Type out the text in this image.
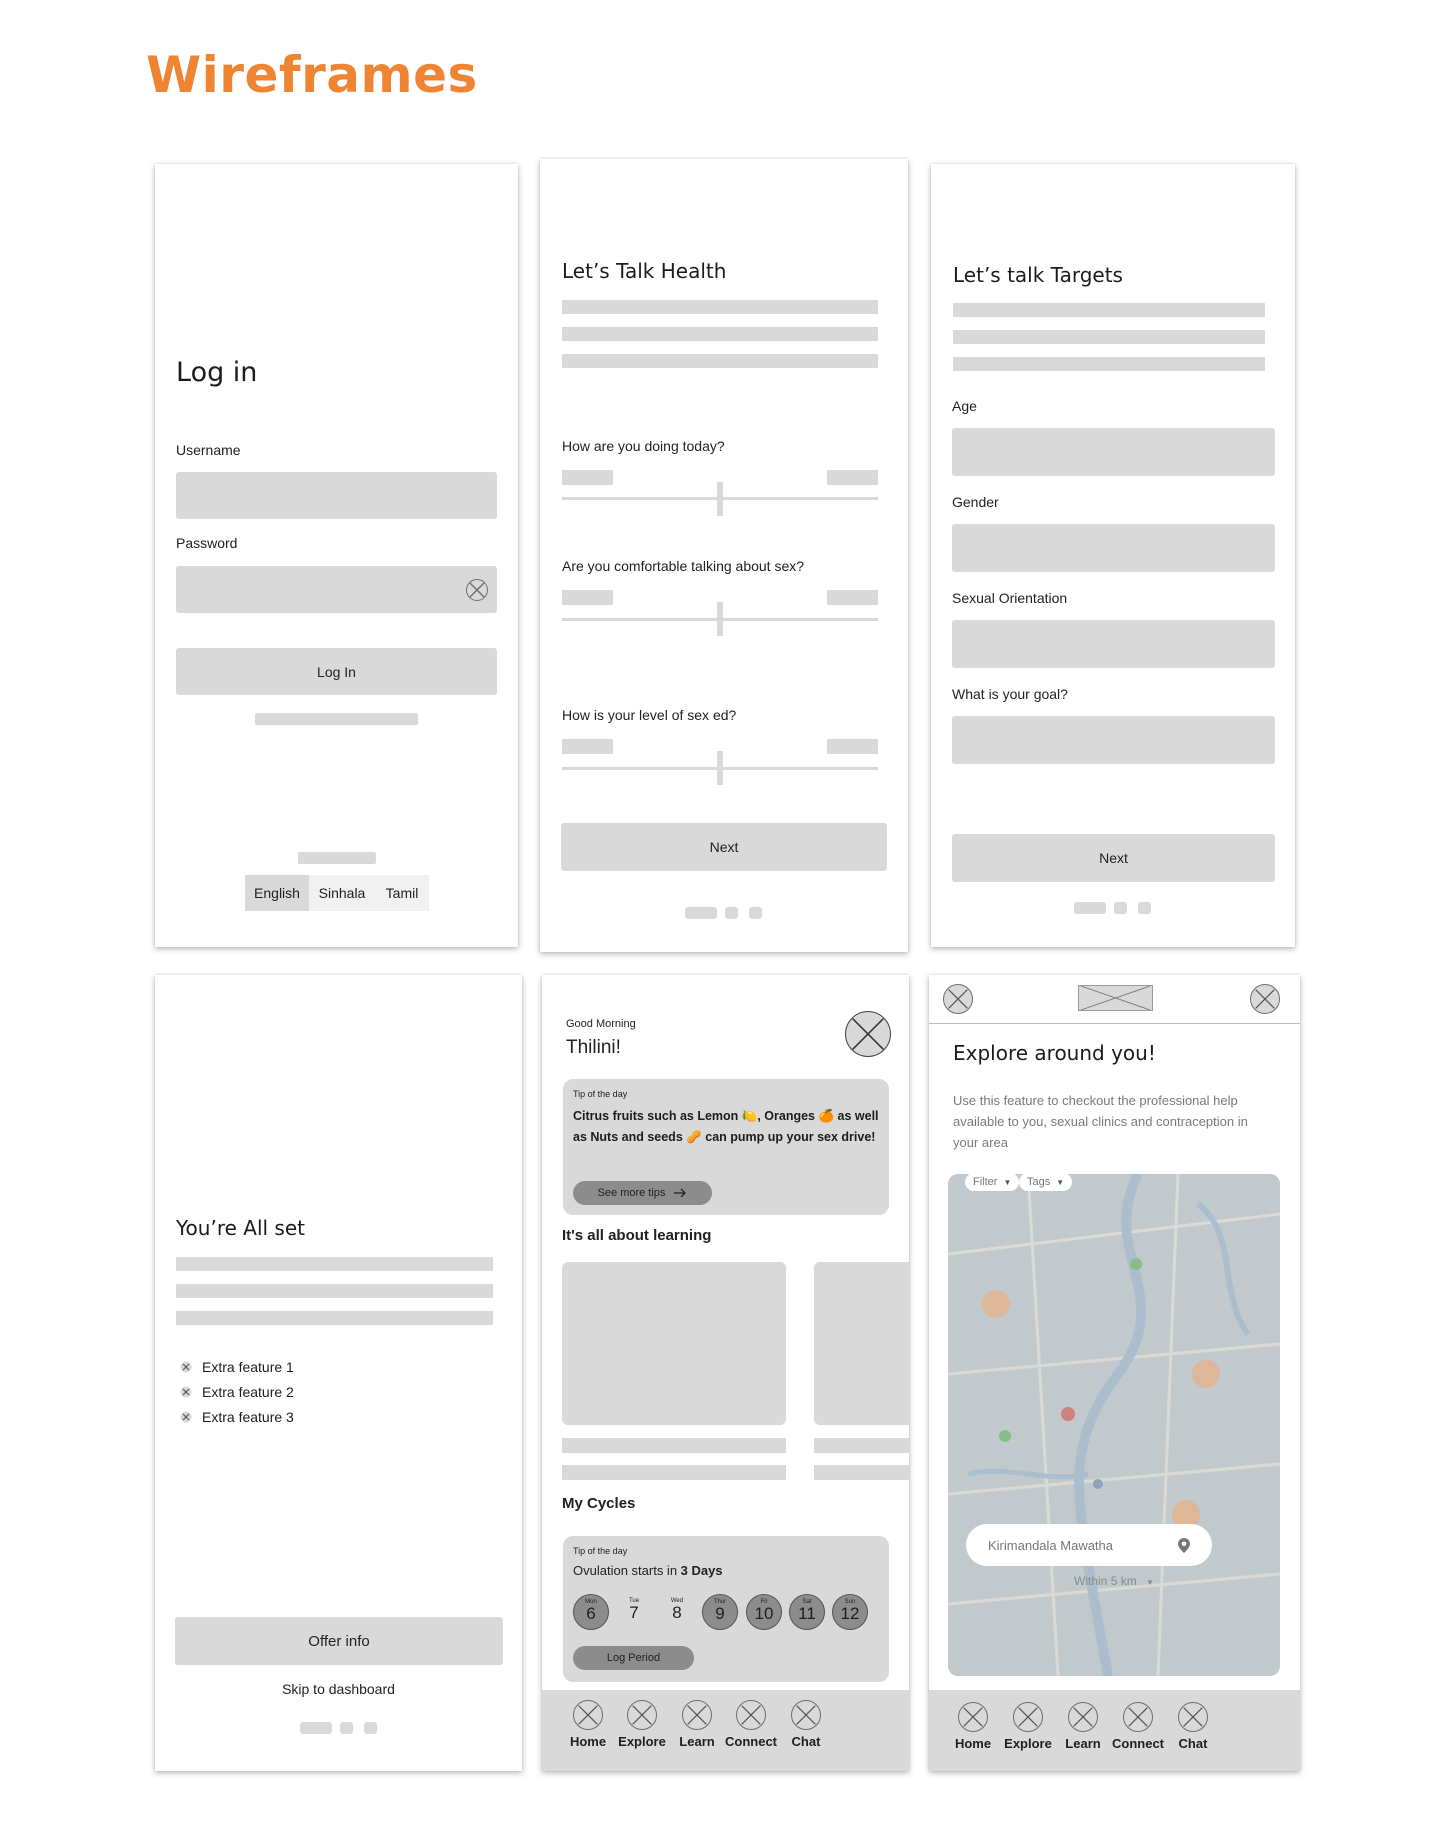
Wireframes
Log in
Username
Password
Log In
English	Sinhala	Tamil
Let’s Talk Health
How are you doing today?
Are you comfortable talking about sex?
How is your level of sex ed?
Next
Let’s talk Targets
Age
Gender
Sexual Orientation
What is your goal?
Next
You’re All set
Extra feature 1
Extra feature 2
Extra feature 3
Offer info
Skip to dashboard
Good Morning
Thilini!
Tip of the day
Citrus fruits such as Lemon 🍋, Oranges 🍊 as well as Nuts and seeds 🥜 can pump up your sex drive!
See more tips
It's all about learning
My Cycles
Tip of the day
Ovulation starts in 3 Days
Mon
6
Tue
7
Wed
8
Thur
9
Fri
10
Sat
11
Sun
12
Log Period
Home Explore	Learn Connect	Chat
Explore around you!
Use this feature to checkout the professional help available to you, sexual clinics and contraception in your area
Filter ▼ Tags ▼
Kirimandala Mawatha
Within 5 km ▼
Home	Explore	Learn Connect	Chat
